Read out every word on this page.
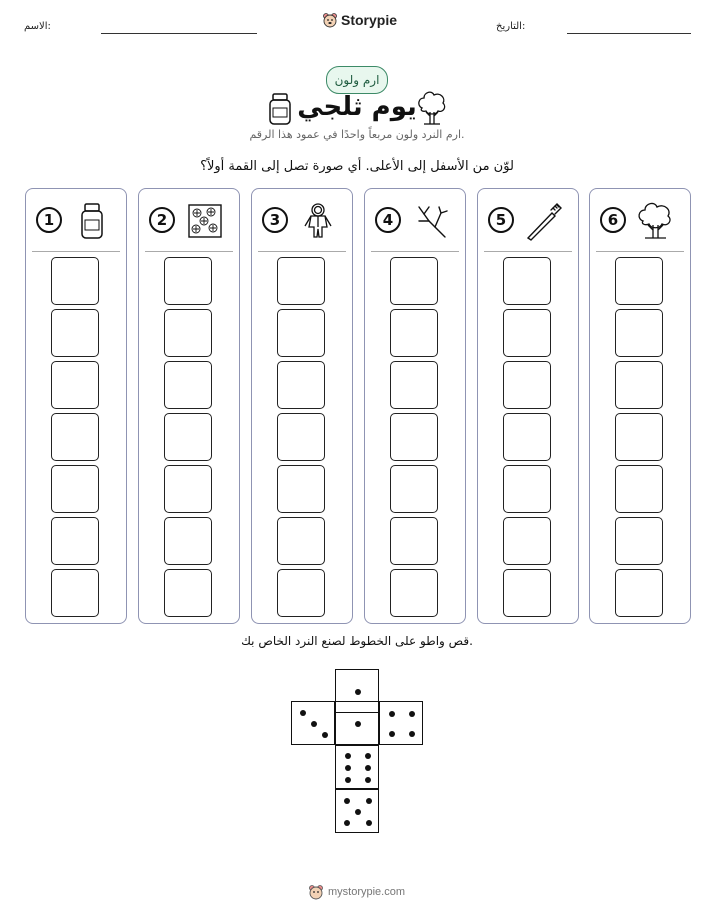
التاريخ:
Storypie
الاسم:
ارم ولون
يوم ثلجي
ارم النرد ولون مربعاً واحدًا في عمود هذا الرقم.
لوّن من الأسفل إلى الأعلى. أي صورة تصل إلى القمة أولاً؟
1	2	3	4	5	6
قص واطو على الخطوط لصنع النرد الخاص بك.
mystorypie.com
